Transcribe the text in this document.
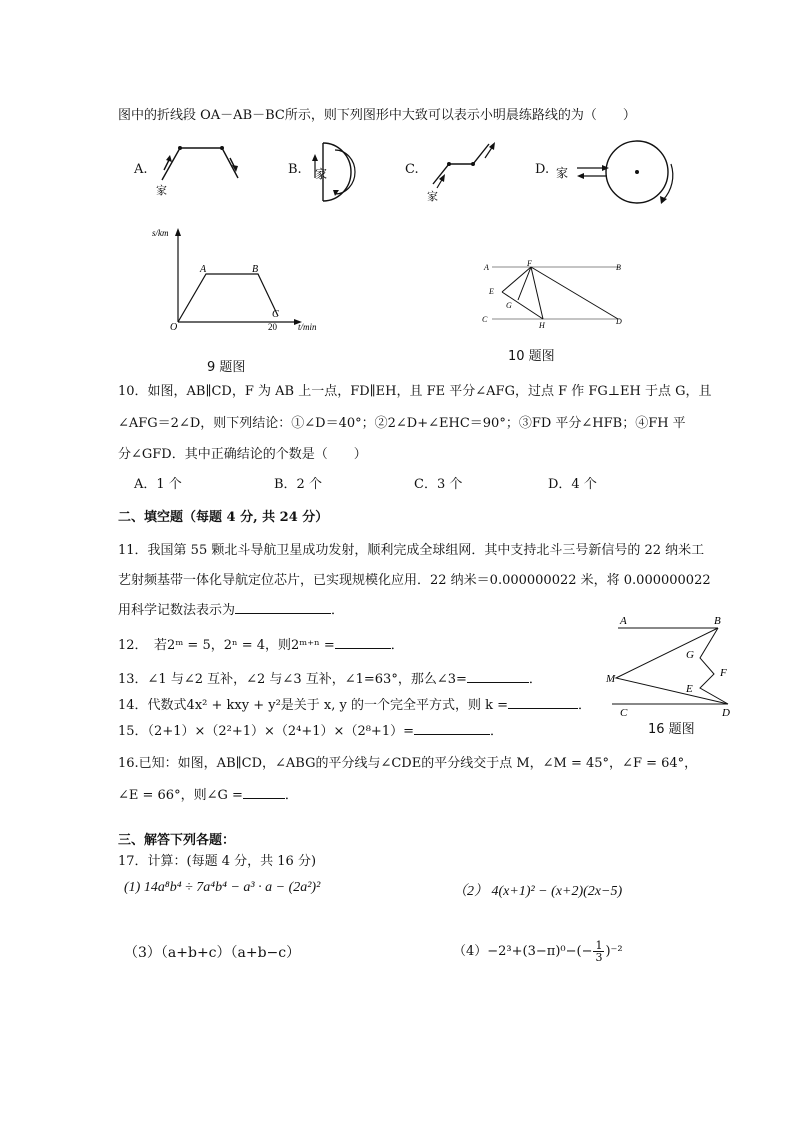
图中的折线段 OA－AB－BC所示，则下列图形中大致可以表示小明晨练路线的为（　　）
A.
家
B. 家	C.
家
D. 家
s/km
t/min
O
A	B
C
20
9 题图
A	F	B
E
G
C
H	D
10 题图
10．如图，AB∥CD，F 为 AB 上一点，FD∥EH，且 FE 平分∠AFG，过点 F 作 FG⊥EH 于点 G，且
∠AFG＝2∠D，则下列结论：①∠D＝40°；②2∠D+∠EHC＝90°；③FD 平分∠HFB；④FH 平
分∠GFD．其中正确结论的个数是（　　）
A．1 个	B．2 个	C．3 个	D．4 个
二、填空题（每题 4 分, 共 24 分）
11．我国第 55 颗北斗导航卫星成功发射，顺利完成全球组网．其中支持北斗三号新信号的 22 纳米工
艺射频基带一体化导航定位芯片，已实现规模化应用．22 纳米＝0.000000022 米，将 0.000000022
用科学记数法表示为	．
12．　若2ᵐ = 5，2ⁿ = 4，则2ᵐ⁺ⁿ =	．
13．∠1 与∠2 互补，∠2 与∠3 互补，∠1=63°，那么∠3=	．
14．代数式4x² + kxy + y²是关于 x, y 的一个完全平方式，则 k =	．
15．（2+1）×（2²+1）×（2⁴+1）×（2⁸+1）=	．
A	B
G
F
M
E
C	D
16 题图
16.已知：如图，AB∥CD，∠ABG的平分线与∠CDE的平分线交于点 M，∠M = 45°，∠F = 64°，
∠E = 66°，则∠G =	．
三、解答下列各题：
17．计算：(每题 4 分，共 16 分)
(1) 14a⁸b⁴ ÷ 7a⁴b⁴ − a³ · a − (2a²)²	（2） 4(x+1)² − (x+2)(2x−5)
（3）（a+b+c）（a+b−c）	$(4)-2^3+(3-\pi)^0-(- \frac{1}{3} )^{-2}$
